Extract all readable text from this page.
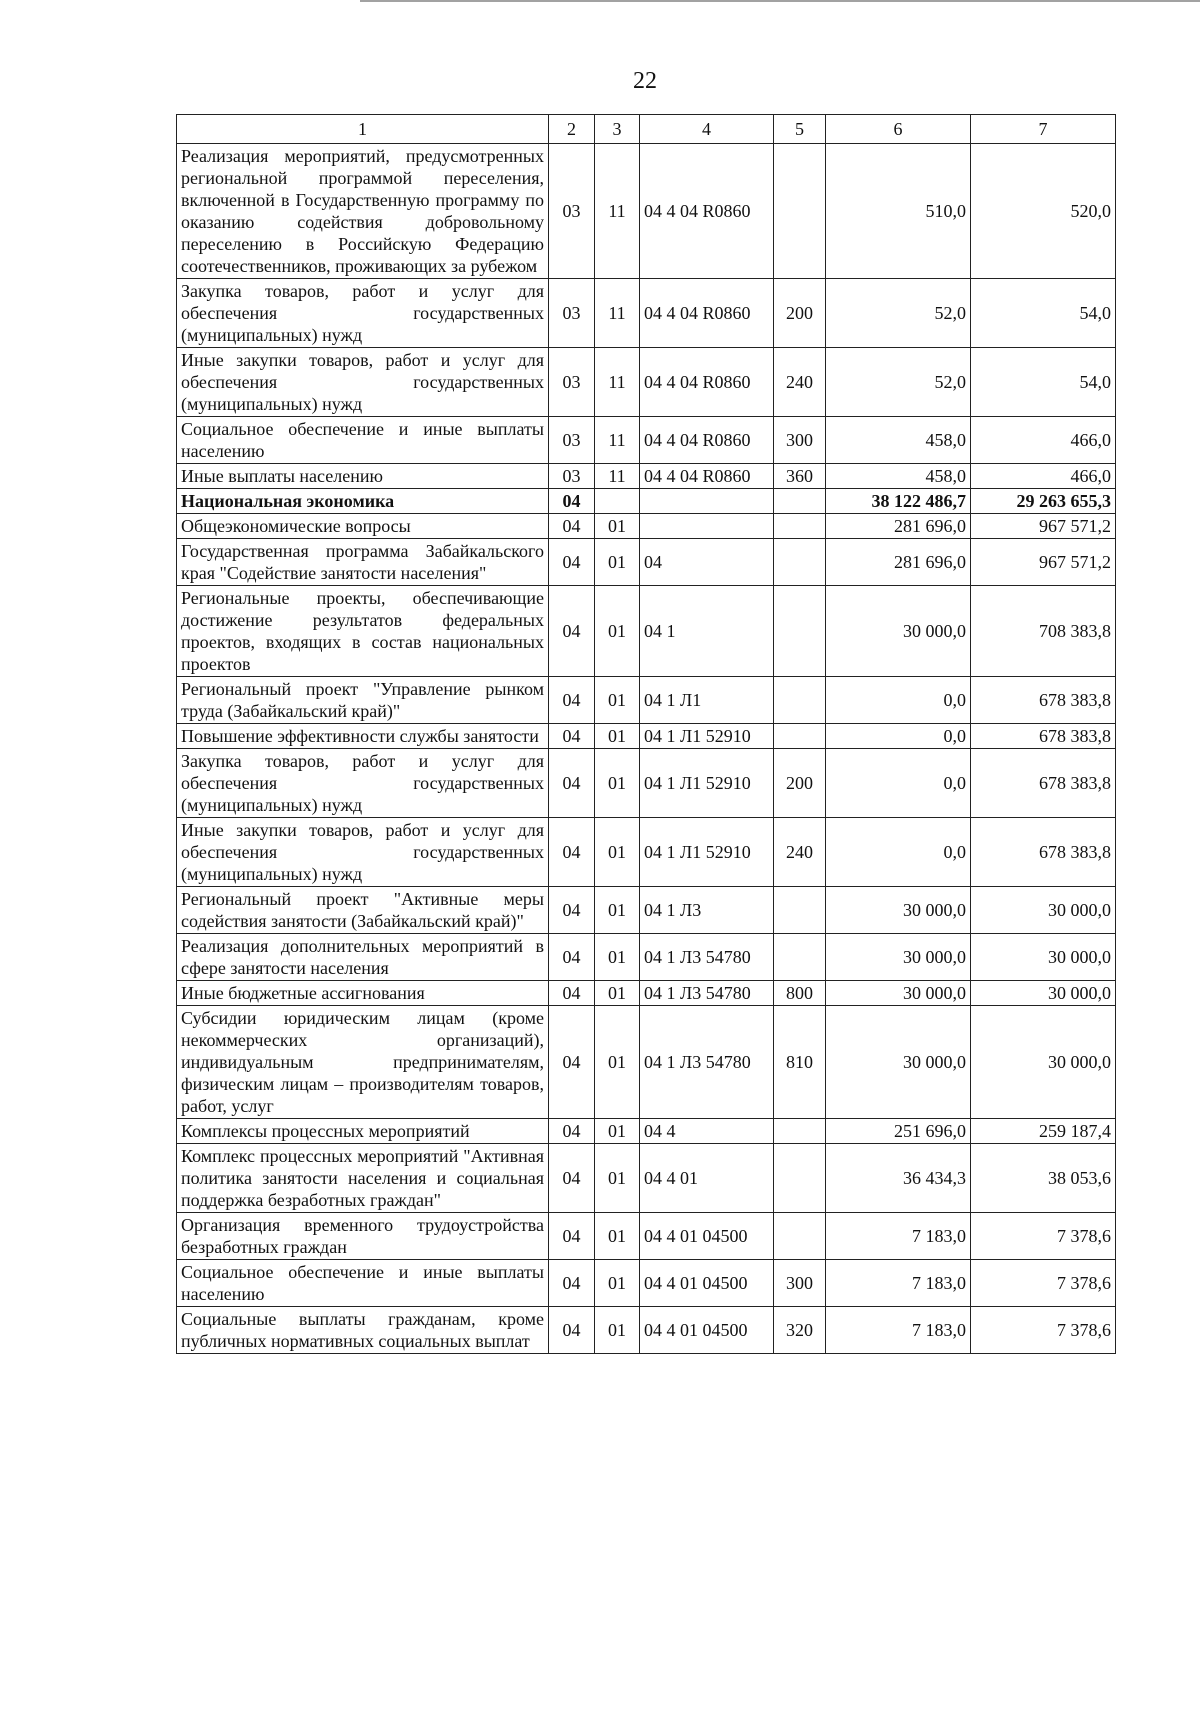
22
1	2	3	4	5	6	7
Реализация мероприятий, предусмотренных региональной программой переселения, включенной в Государственную программу по оказанию содействия добровольному переселению в Российскую Федерацию соотечественников, проживающих за рубежом	03	11	04 4 04 R0860		510,0	520,0
Закупка товаров, работ и услуг для обеспечения государственных (муниципальных) нужд	03	11	04 4 04 R0860	200	52,0	54,0
Иные закупки товаров, работ и услуг для обеспечения государственных (муниципальных) нужд	03	11	04 4 04 R0860	240	52,0	54,0
Социальное обеспечение и иные выплаты населению	03	11	04 4 04 R0860	300	458,0	466,0
Иные выплаты населению	03	11	04 4 04 R0860	360	458,0	466,0
Национальная экономика	04				38 122 486,7	29 263 655,3
Общеэкономические вопросы	04	01			281 696,0	967 571,2
Государственная программа Забайкальского края "Содействие занятости населения"	04	01	04		281 696,0	967 571,2
Региональные проекты, обеспечивающие достижение результатов федеральных проектов, входящих в состав национальных проектов	04	01	04 1		30 000,0	708 383,8
Региональный проект "Управление рынком труда (Забайкальский край)"	04	01	04 1 Л1		0,0	678 383,8
Повышение эффективности службы занятости	04	01	04 1 Л1 52910		0,0	678 383,8
Закупка товаров, работ и услуг для обеспечения государственных (муниципальных) нужд	04	01	04 1 Л1 52910	200	0,0	678 383,8
Иные закупки товаров, работ и услуг для обеспечения государственных (муниципальных) нужд	04	01	04 1 Л1 52910	240	0,0	678 383,8
Региональный проект "Активные меры содействия занятости (Забайкальский край)"	04	01	04 1 Л3		30 000,0	30 000,0
Реализация дополнительных мероприятий в сфере занятости населения	04	01	04 1 Л3 54780		30 000,0	30 000,0
Иные бюджетные ассигнования	04	01	04 1 Л3 54780	800	30 000,0	30 000,0
Субсидии юридическим лицам (кроме некоммерческих организаций), индивидуальным предпринимателям, физическим лицам – производителям товаров, работ, услуг	04	01	04 1 Л3 54780	810	30 000,0	30 000,0
Комплексы процессных мероприятий	04	01	04 4		251 696,0	259 187,4
Комплекс процессных мероприятий "Активная политика занятости населения и социальная поддержка безработных граждан"	04	01	04 4 01		36 434,3	38 053,6
Организация временного трудоустройства безработных граждан	04	01	04 4 01 04500		7 183,0	7 378,6
Социальное обеспечение и иные выплаты населению	04	01	04 4 01 04500	300	7 183,0	7 378,6
Социальные выплаты гражданам, кроме публичных нормативных социальных выплат	04	01	04 4 01 04500	320	7 183,0	7 378,6
